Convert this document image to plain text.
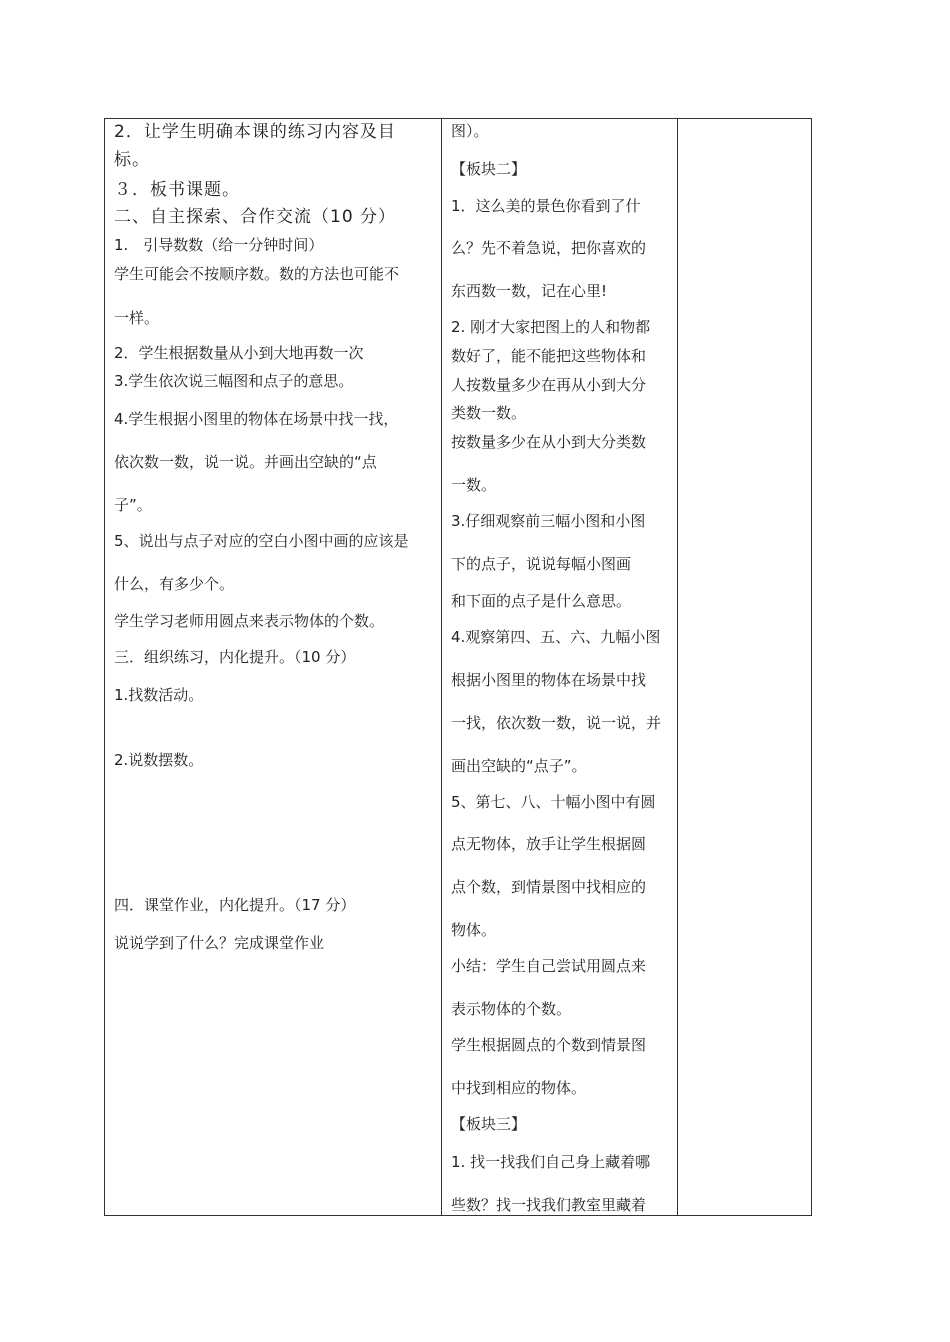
2．让学生明确本课的练习内容及目
标。
３．板书课题。
二、自主探索、合作交流（10 分）
1.　引导数数（给一分钟时间）
学生可能会不按顺序数。数的方法也可能不
一样。
2．学生根据数量从小到大地再数一次
3.学生依次说三幅图和点子的意思。
4.学生根据小图里的物体在场景中找一找，
依次数一数，说一说。并画出空缺的“点
子”。
5、说出与点子对应的空白小图中画的应该是
什么，有多少个。
学生学习老师用圆点来表示物体的个数。
三．组织练习，内化提升。（10 分）
1.找数活动。
2.说数摆数。
四．课堂作业，内化提升。（17 分）
说说学到了什么？完成课堂作业
图）。
【板块二】
1．这么美的景色你看到了什
么？先不着急说，把你喜欢的
东西数一数，记在心里!
2. 刚才大家把图上的人和物都
数好了，能不能把这些物体和
人按数量多少在再从小到大分
类数一数。
按数量多少在从小到大分类数
一数。
3.仔细观察前三幅小图和小图
下的点子，说说每幅小图画
和下面的点子是什么意思。
4.观察第四、五、六、九幅小图
根据小图里的物体在场景中找
一找，依次数一数，说一说，并
画出空缺的“点子”。
5、第七、八、十幅小图中有圆
点无物体，放手让学生根据圆
点个数，到情景图中找相应的
物体。
小结：学生自己尝试用圆点来
表示物体的个数。
学生根据圆点的个数到情景图
中找到相应的物体。
【板块三】
1. 找一找我们自己身上藏着哪
些数？找一找我们教室里藏着
